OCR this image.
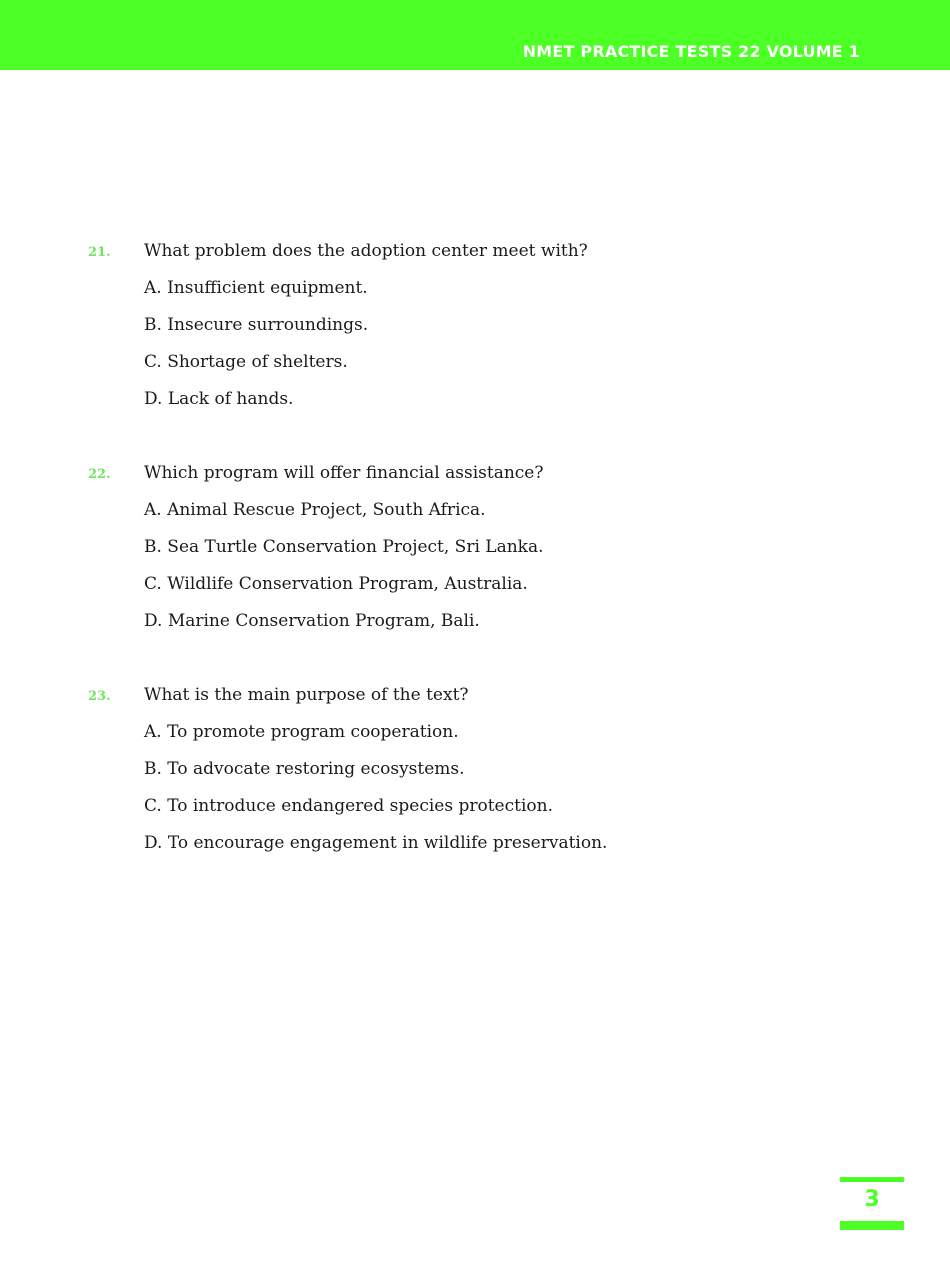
NMET PRACTICE TESTS 22 VOLUME 1
21. What problem does the adoption center meet with?
A. Insufficient equipment.
B. Insecure surroundings.
C. Shortage of shelters.
D. Lack of hands.
22. Which program will offer financial assistance?
A. Animal Rescue Project, South Africa.
B. Sea Turtle Conservation Project, Sri Lanka.
C. Wildlife Conservation Program, Australia.
D. Marine Conservation Program, Bali.
23. What is the main purpose of the text?
A. To promote program cooperation.
B. To advocate restoring ecosystems.
C. To introduce endangered species protection.
D. To encourage engagement in wildlife preservation.
3
